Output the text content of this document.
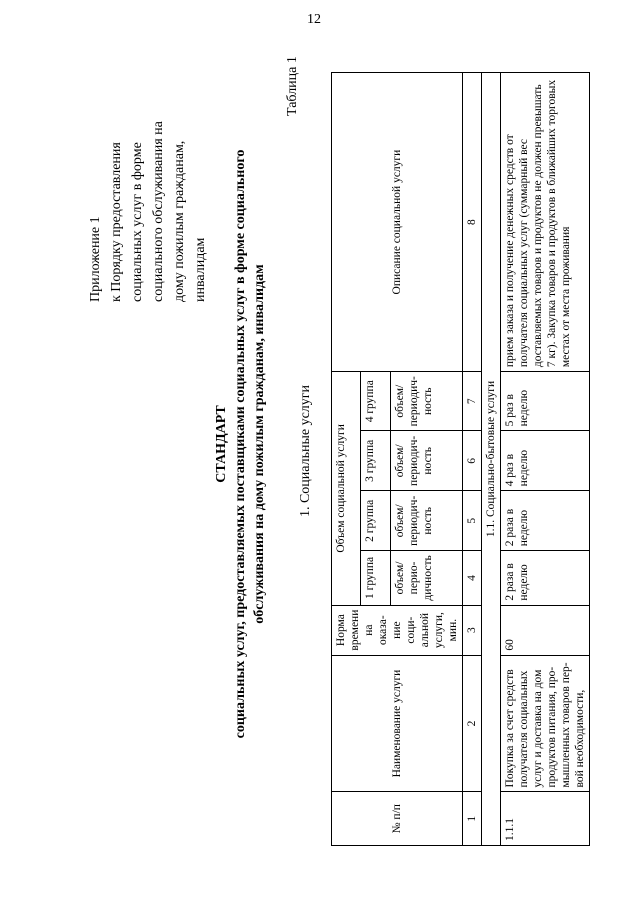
12
Приложение 1 к Порядку предоставления социальных услуг в форме социального обслуживания на дому пожилым гражданам, инвалидам
Таблица 1
СТАНДАРТ социальных услуг, предоставляемых поставщиками социальных услуг в форме социального обслуживания на дому пожилым гражданам, инвалидам 1. Социальные услуги
№ п/п	Наименование услуги	Норма времени на оказа-ние соци-альной услуги, мин.	Объем социальной услуги				Описание социальной услуги
			1 группа	2 группа	3 группа	4 группа	
			объем/ перио-дичность	объем/ периодич-ность	объем/ периодич-ность	объем/ периодич-ность	
1	2	3	4	5	6	7	8
1.1. Социально-бытовые услуги							
1.1.1	Покупка за счет средств получателя социальных услуг и доставка на дом продуктов питания, про-мышленных товаров пер-вой необходимости,	60	2 раза в неделю	2 раза в неделю	4 раз в неделю	5 раз в неделю	прием заказа и получение денежных средств от получателя социальных услуг (суммарный вес доставляемых товаров и продуктов не должен превышать 7 кг). Закупка товаров и продуктов в ближайших торговых местах от места проживания
